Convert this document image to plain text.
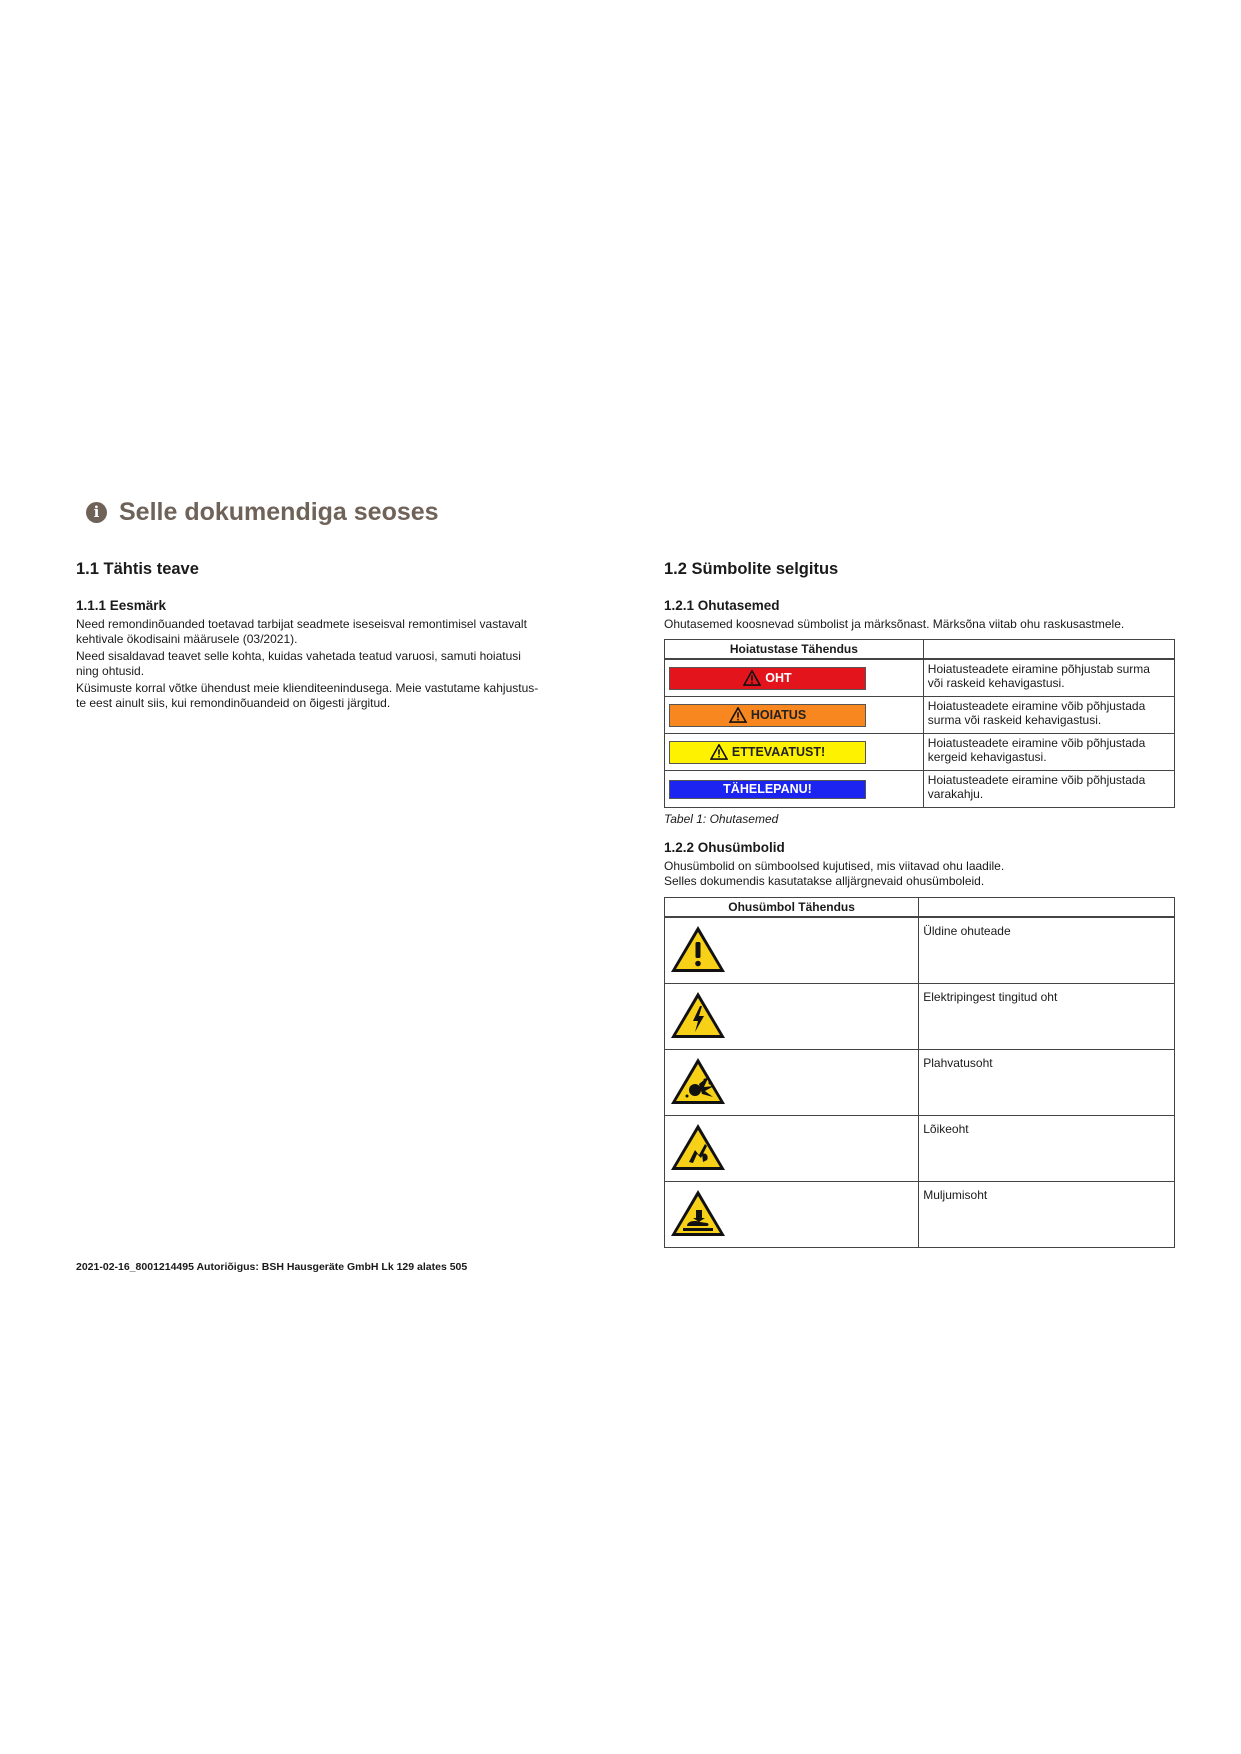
i Selle dokumendiga seoses
1.1 Tähtis teave
1.1.1 Eesmärk

Need remondinõuanded toetavad tarbijat seadmete iseseisval remontimisel vastavalt
kehtivale ökodisaini määrusele (03/2021).

Need sisaldavad teavet selle kohta, kuidas vahetada teatud varuosi, samuti hoiatusi
ning ohtusid.

Küsimuste korral võtke ühendust meie klienditeenindusega. Meie vastutame kahjustus-
te eest ainult siis, kui remondinõuandeid on õigesti järgitud.

1.2 Sümbolite selgitus
1.2.1 Ohutasemed

Ohutasemed koosnevad sümbolist ja märksõnast. Märksõna viitab ohu raskusastmele.

Hoiatustase Tähendus	

OHT	Hoiatusteadete eiramine põhjustab surma
või raskeid kehavigastusi.

HOIATUS	Hoiatusteadete eiramine võib põhjustada
surma või raskeid kehavigastusi.

ETTEVAATUST!	Hoiatusteadete eiramine võib põhjustada
kergeid kehavigastusi.

TÄHELEPANU!	Hoiatusteadete eiramine võib põhjustada
varakahju.
Tabel 1: Ohutasemed
1.2.2 Ohusümbolid

Ohusümbolid on sümboolsed kujutised, mis viitavad ohu laadile.

Selles dokumendis kasutatakse alljärgnevaid ohusümboleid.

Ohusümbol Tähendus	
	Üldine ohuteade
	Elektripingest tingitud oht
	Plahvatusoht
	Lõikeoht
	Muljumisoht
2021-02-16_8001214495 Autoriõigus: BSH Hausgeräte GmbH Lk 129 alates 505
